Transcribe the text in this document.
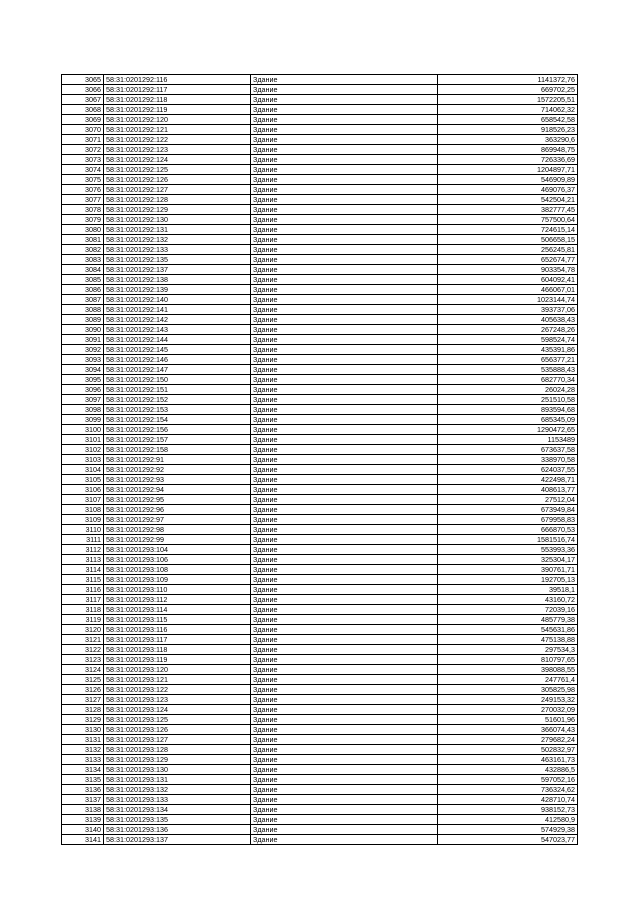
3065	58:31:0201292:116	Здание	1141372,76
3066	58:31:0201292:117	Здание	669702,25
3067	58:31:0201292:118	Здание	1572205,51
3068	58:31:0201292:119	Здание	714062,32
3069	58:31:0201292:120	Здание	658542,58
3070	58:31:0201292:121	Здание	918526,23
3071	58:31:0201292:122	Здание	363290,6
3072	58:31:0201292:123	Здание	869948,75
3073	58:31:0201292:124	Здание	726336,69
3074	58:31:0201292:125	Здание	1204897,71
3075	58:31:0201292:126	Здание	546909,89
3076	58:31:0201292:127	Здание	469076,37
3077	58:31:0201292:128	Здание	542504,21
3078	58:31:0201292:129	Здание	382777,45
3079	58:31:0201292:130	Здание	757500,64
3080	58:31:0201292:131	Здание	724615,14
3081	58:31:0201292:132	Здание	506658,15
3082	58:31:0201292:133	Здание	256245,81
3083	58:31:0201292:135	Здание	652674,77
3084	58:31:0201292:137	Здание	903354,78
3085	58:31:0201292:138	Здание	604092,41
3086	58:31:0201292:139	Здание	466067,01
3087	58:31:0201292:140	Здание	1023144,74
3088	58:31:0201292:141	Здание	393737,06
3089	58:31:0201292:142	Здание	405638,43
3090	58:31:0201292:143	Здание	267248,26
3091	58:31:0201292:144	Здание	598524,74
3092	58:31:0201292:145	Здание	435391,86
3093	58:31:0201292:146	Здание	656377,21
3094	58:31:0201292:147	Здание	535888,43
3095	58:31:0201292:150	Здание	682770,34
3096	58:31:0201292:151	Здание	26024,28
3097	58:31:0201292:152	Здание	251510,58
3098	58:31:0201292:153	Здание	893594,68
3099	58:31:0201292:154	Здание	685345,09
3100	58:31:0201292:156	Здание	1290472,65
3101	58:31:0201292:157	Здание	1153489
3102	58:31:0201292:158	Здание	673637,58
3103	58:31:0201292:91	Здание	338970,58
3104	58:31:0201292:92	Здание	624037,55
3105	58:31:0201292:93	Здание	422498,71
3106	58:31:0201292:94	Здание	408613,77
3107	58:31:0201292:95	Здание	27512,04
3108	58:31:0201292:96	Здание	673949,84
3109	58:31:0201292:97	Здание	679958,83
3110	58:31:0201292:98	Здание	666870,53
3111	58:31:0201292:99	Здание	1581516,74
3112	58:31:0201293:104	Здание	553993,36
3113	58:31:0201293:106	Здание	325304,17
3114	58:31:0201293:108	Здание	390761,71
3115	58:31:0201293:109	Здание	192705,13
3116	58:31:0201293:110	Здание	39518,1
3117	58:31:0201293:112	Здание	43160,72
3118	58:31:0201293:114	Здание	72039,16
3119	58:31:0201293:115	Здание	485779,38
3120	58:31:0201293:116	Здание	545631,86
3121	58:31:0201293:117	Здание	475138,88
3122	58:31:0201293:118	Здание	297534,3
3123	58:31:0201293:119	Здание	810797,65
3124	58:31:0201293:120	Здание	398088,55
3125	58:31:0201293:121	Здание	247761,4
3126	58:31:0201293:122	Здание	305825,98
3127	58:31:0201293:123	Здание	249153,32
3128	58:31:0201293:124	Здание	270032,09
3129	58:31:0201293:125	Здание	51601,96
3130	58:31:0201293:126	Здание	366074,43
3131	58:31:0201293:127	Здание	279682,24
3132	58:31:0201293:128	Здание	502832,97
3133	58:31:0201293:129	Здание	463161,73
3134	58:31:0201293:130	Здание	432886,5
3135	58:31:0201293:131	Здание	597052,16
3136	58:31:0201293:132	Здание	736324,62
3137	58:31:0201293:133	Здание	428710,74
3138	58:31:0201293:134	Здание	938152,73
3139	58:31:0201293:135	Здание	412580,9
3140	58:31:0201293:136	Здание	574929,38
3141	58:31:0201293:137	Здание	547023,77
